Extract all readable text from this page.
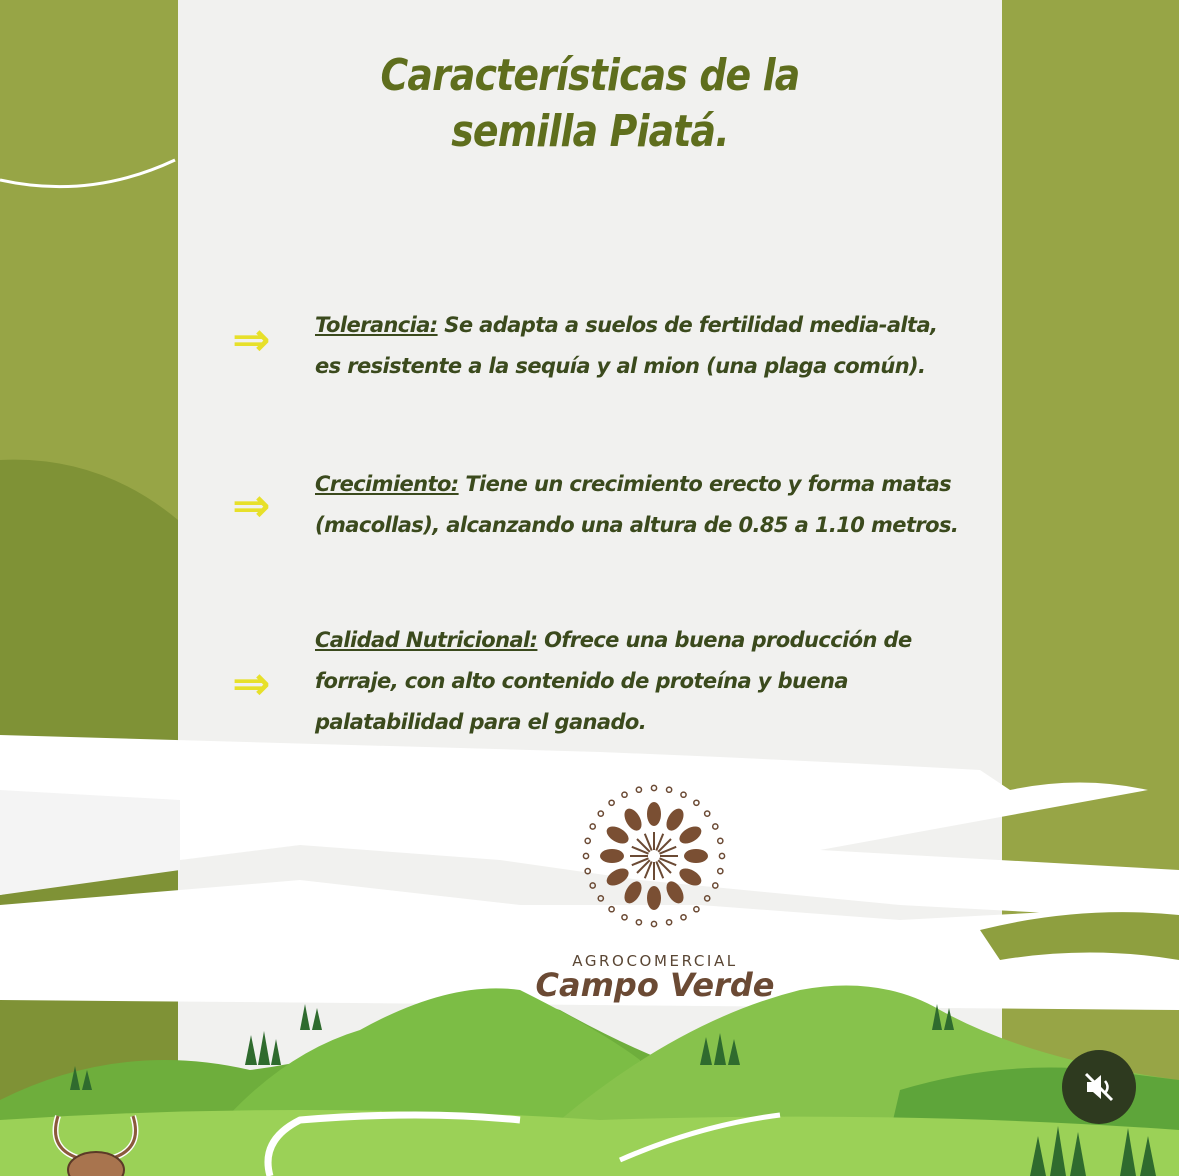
Características de la
semilla Piatá.
⇒ Tolerancia: Se adapta a suelos de fertilidad media-alta,
es resistente a la sequía y al mion (una plaga común).
⇒ Crecimiento: Tiene un crecimiento erecto y forma matas
(macollas), alcanzando una altura de 0.85 a 1.10 metros.
⇒
Calidad Nutricional: Ofrece una buena producción de
forraje, con alto contenido de proteína y buena
palatabilidad para el ganado.
AGROCOMERCIAL
Campo Verde
